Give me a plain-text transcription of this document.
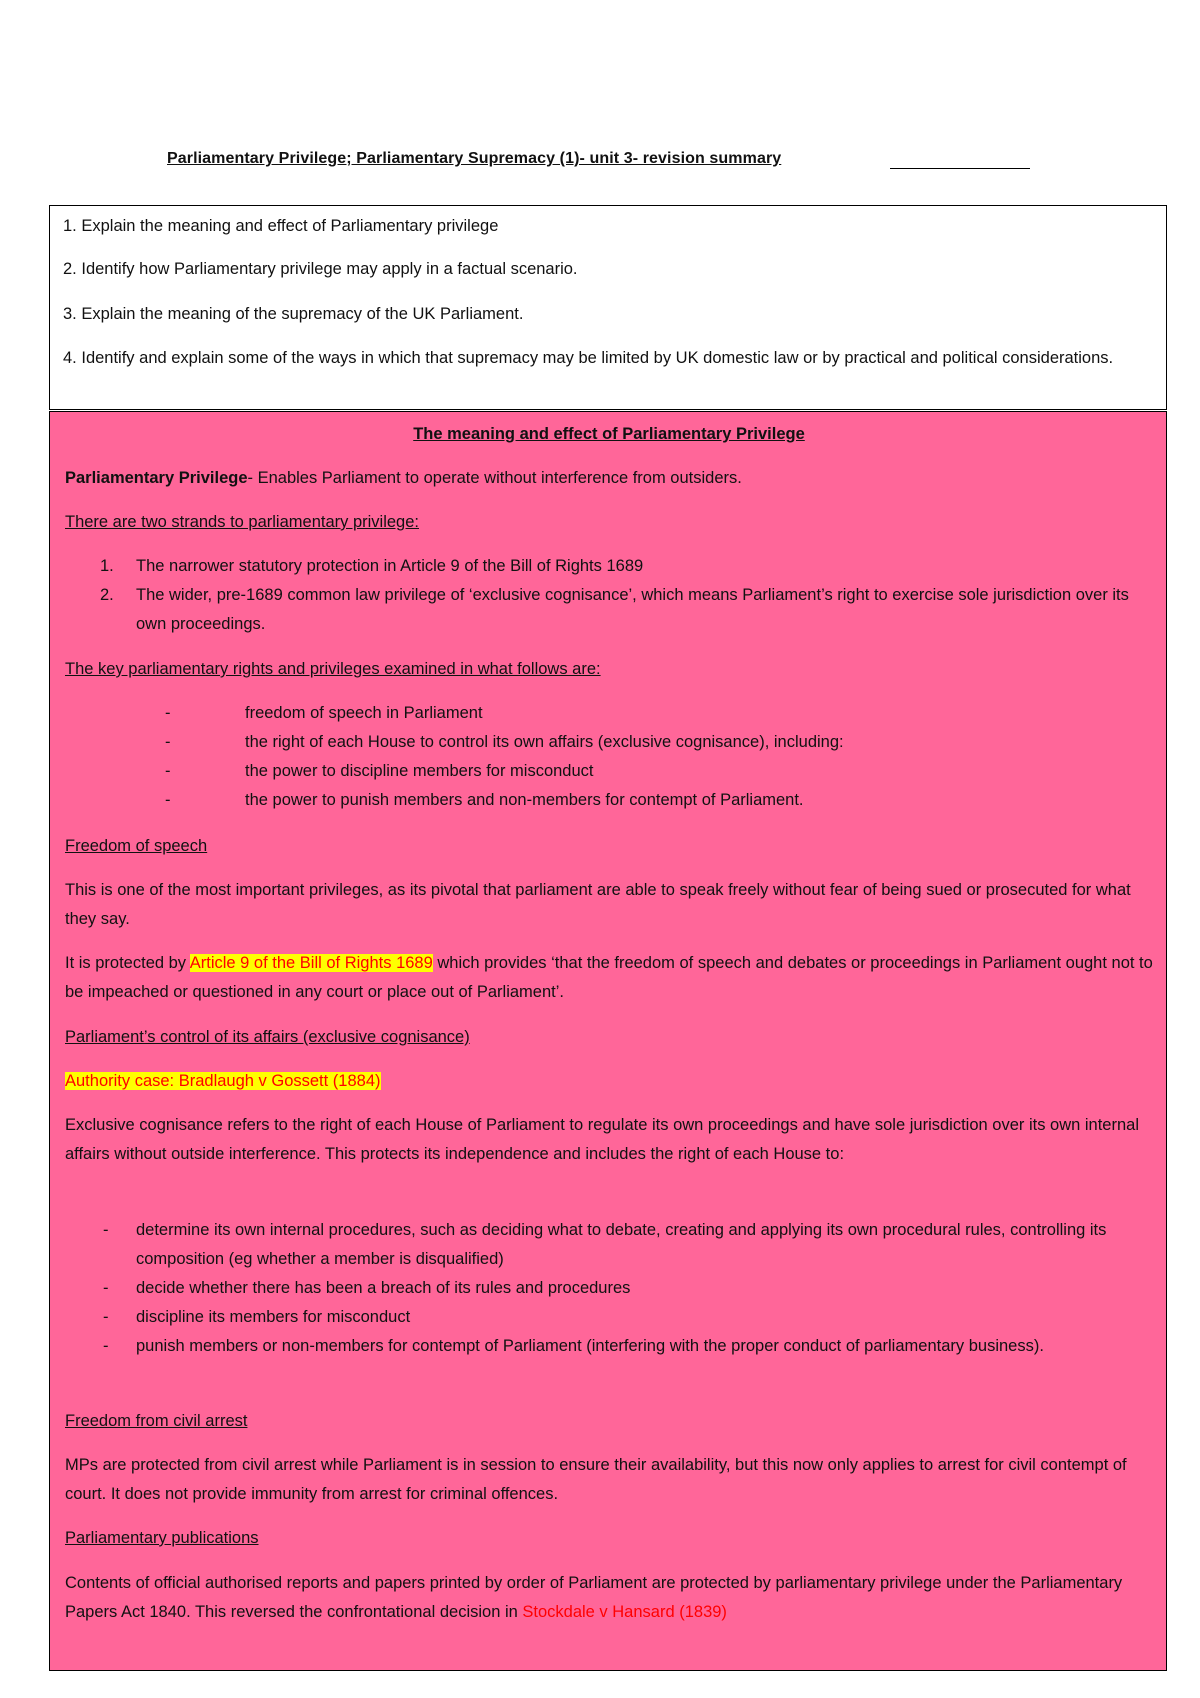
Parliamentary Privilege; Parliamentary Supremacy (1)- unit 3- revision summary
1. Explain the meaning and effect of Parliamentary privilege
2. Identify how Parliamentary privilege may apply in a factual scenario.
3. Explain the meaning of the supremacy of the UK Parliament.
4. Identify and explain some of the ways in which that supremacy may be limited by UK domestic law or by practical and political considerations.
The meaning and effect of Parliamentary Privilege
Parliamentary Privilege- Enables Parliament to operate without interference from outsiders.
There are two strands to parliamentary privilege:
1.	The narrower statutory protection in Article 9 of the Bill of Rights 1689
2.	The wider, pre-1689 common law privilege of ‘exclusive cognisance’, which means Parliament’s right to exercise sole jurisdiction over its own proceedings.
The key parliamentary rights and privileges examined in what follows are:
-	freedom of speech in Parliament
-	the right of each House to control its own affairs (exclusive cognisance), including:
-	the power to discipline members for misconduct
-	the power to punish members and non-members for contempt of Parliament.
Freedom of speech
This is one of the most important privileges, as its pivotal that parliament are able to speak freely without fear of being sued or prosecuted for what they say.
It is protected by Article 9 of the Bill of Rights 1689 which provides ‘that the freedom of speech and debates or proceedings in Parliament ought not to be impeached or questioned in any court or place out of Parliament’.
Parliament’s control of its affairs (exclusive cognisance)
Authority case: Bradlaugh v Gossett (1884)
Exclusive cognisance refers to the right of each House of Parliament to regulate its own proceedings and have sole jurisdiction over its own internal affairs without outside interference. This protects its independence and includes the right of each House to:
- determine its own internal procedures, such as deciding what to debate, creating and applying its own procedural rules, controlling its composition (eg whether a member is disqualified)
- decide whether there has been a breach of its rules and procedures
- discipline its members for misconduct
- punish members or non-members for contempt of Parliament (interfering with the proper conduct of parliamentary business).
Freedom from civil arrest
MPs are protected from civil arrest while Parliament is in session to ensure their availability, but this now only applies to arrest for civil contempt of court. It does not provide immunity from arrest for criminal offences.
Parliamentary publications
Contents of official authorised reports and papers printed by order of Parliament are protected by parliamentary privilege under the Parliamentary Papers Act 1840. This reversed the confrontational decision in Stockdale v Hansard (1839)
